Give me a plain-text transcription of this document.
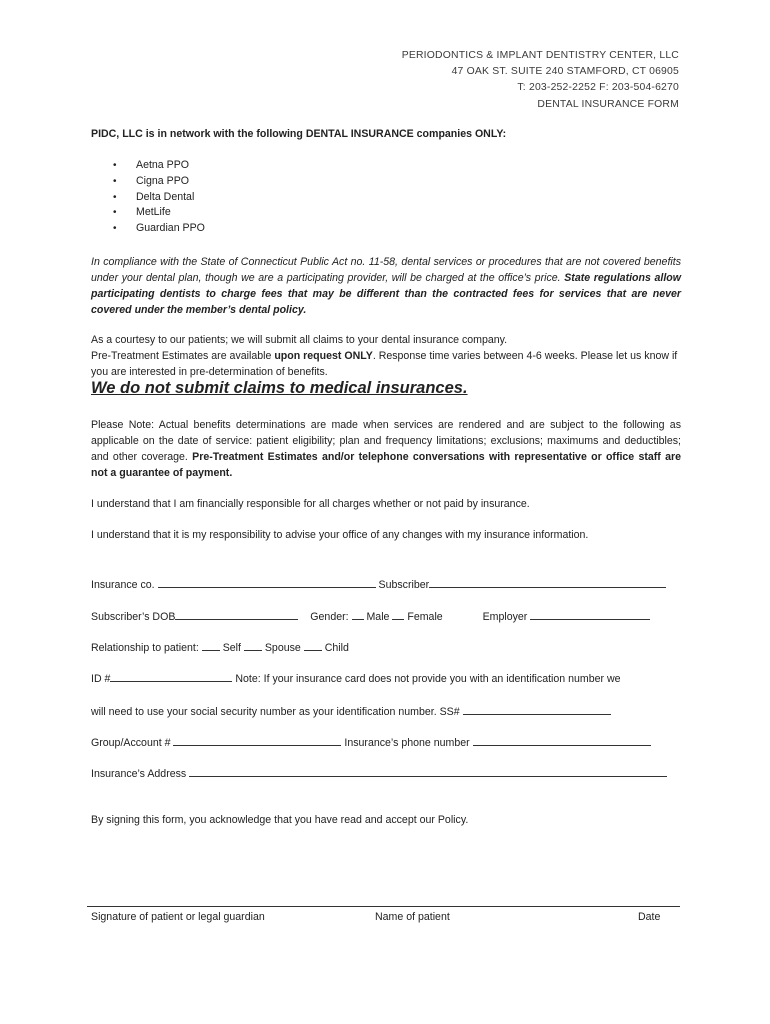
PERIODONTICS & IMPLANT DENTISTRY CENTER, LLC
47 OAK ST. SUITE 240 STAMFORD, CT 06905
T: 203-252-2252 F: 203-504-6270
DENTAL INSURANCE FORM
PIDC, LLC is in network with the following DENTAL INSURANCE companies ONLY:
• Aetna PPO
• Cigna PPO
• Delta Dental
• MetLife
• Guardian PPO
In compliance with the State of Connecticut Public Act no. 11-58, dental services or procedures that are not covered benefits under your dental plan, though we are a participating provider, will be charged at the office’s price. State regulations allow participating dentists to charge fees that may be different than the contracted fees for services that are never covered under the member’s dental policy.

As a courtesy to our patients; we will submit all claims to your dental insurance company.

Pre-Treatment Estimates are available upon request ONLY. Response time varies between 4-6 weeks. Please let us know if you are interested in pre-determination of benefits.

We do not submit claims to medical insurances.
Please Note: Actual benefits determinations are made when services are rendered and are subject to the following as applicable on the date of service: patient eligibility; plan and frequency limitations; exclusions; maximums and deductibles; and other coverage. Pre-Treatment Estimates and/or telephone conversations with representative or office staff are not a guarantee of payment.
I understand that I am financially responsible for all charges whether or not paid by insurance.
I understand that it is my responsibility to advise your office of any changes with my insurance information.
Insurance co.	Subscriber
Subscriber’s DOB	Gender: Male Female	Employer
Relationship to patient: Self Spouse Child
ID #	Note: If your insurance card does not provide you with an identification number we
will need to use your social security number as your identification number. SS#
Group/Account #	Insurance’s phone number
Insurance’s Address
By signing this form, you acknowledge that you have read and accept our Policy.
Signature of patient or legal guardian	Name of patient	Date
